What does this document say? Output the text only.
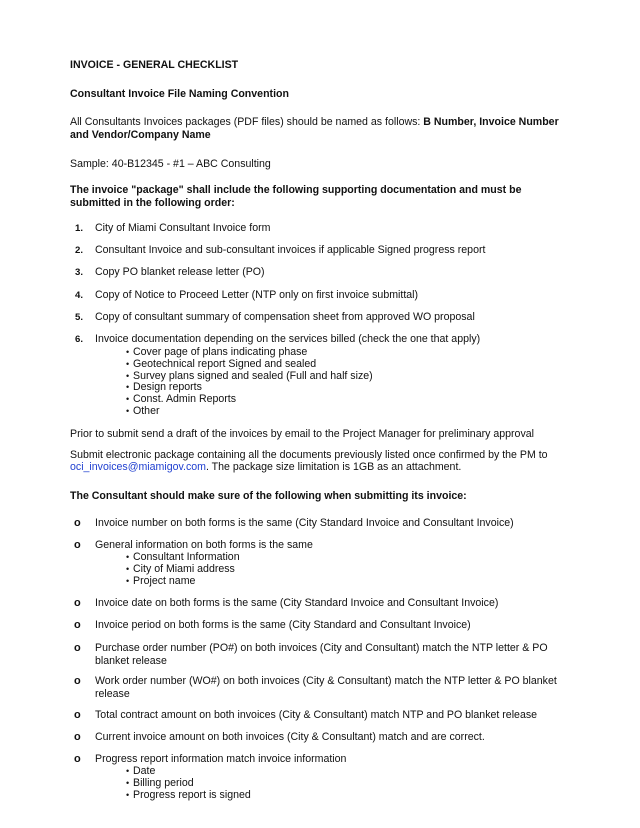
INVOICE - GENERAL CHECKLIST
Consultant Invoice File Naming Convention
All Consultants Invoices packages (PDF files) should be named as follows: B Number, Invoice Number and Vendor/Company Name
Sample: 40-B12345 - #1 – ABC Consulting
The invoice "package" shall include the following supporting documentation and must be submitted in the following order:
1. City of Miami Consultant Invoice form
2. Consultant Invoice and sub-consultant invoices if applicable Signed progress report
3. Copy PO blanket release letter (PO)
4. Copy of Notice to Proceed Letter (NTP only on first invoice submittal)
5. Copy of consultant summary of compensation sheet from approved WO proposal
6. Invoice documentation depending on the services billed (check the one that apply)
• Cover page of plans indicating phase
• Geotechnical report Signed and sealed
• Survey plans signed and sealed (Full and half size)
• Design reports
• Const. Admin Reports
• Other
Prior to submit send a draft of the invoices by email to the Project Manager for preliminary approval
Submit electronic package containing all the documents previously listed once confirmed by the PM to
oci_invoices@miamigov.com. The package size limitation is 1GB as an attachment.
The Consultant should make sure of the following when submitting its invoice:
o Invoice number on both forms is the same (City Standard Invoice and Consultant Invoice)
o General information on both forms is the same
• Consultant Information
• City of Miami address
• Project name
o Invoice date on both forms is the same (City Standard Invoice and Consultant Invoice)
o Invoice period on both forms is the same (City Standard and Consultant Invoice)
o Purchase order number (PO#) on both invoices (City and Consultant) match the NTP letter & PO blanket release
o Work order number (WO#) on both invoices (City & Consultant) match the NTP letter & PO blanket release
o Total contract amount on both invoices (City & Consultant) match NTP and PO blanket release
o Current invoice amount on both invoices (City & Consultant) match and are correct.
o Progress report information match invoice information
• Date
• Billing period
• Progress report is signed
